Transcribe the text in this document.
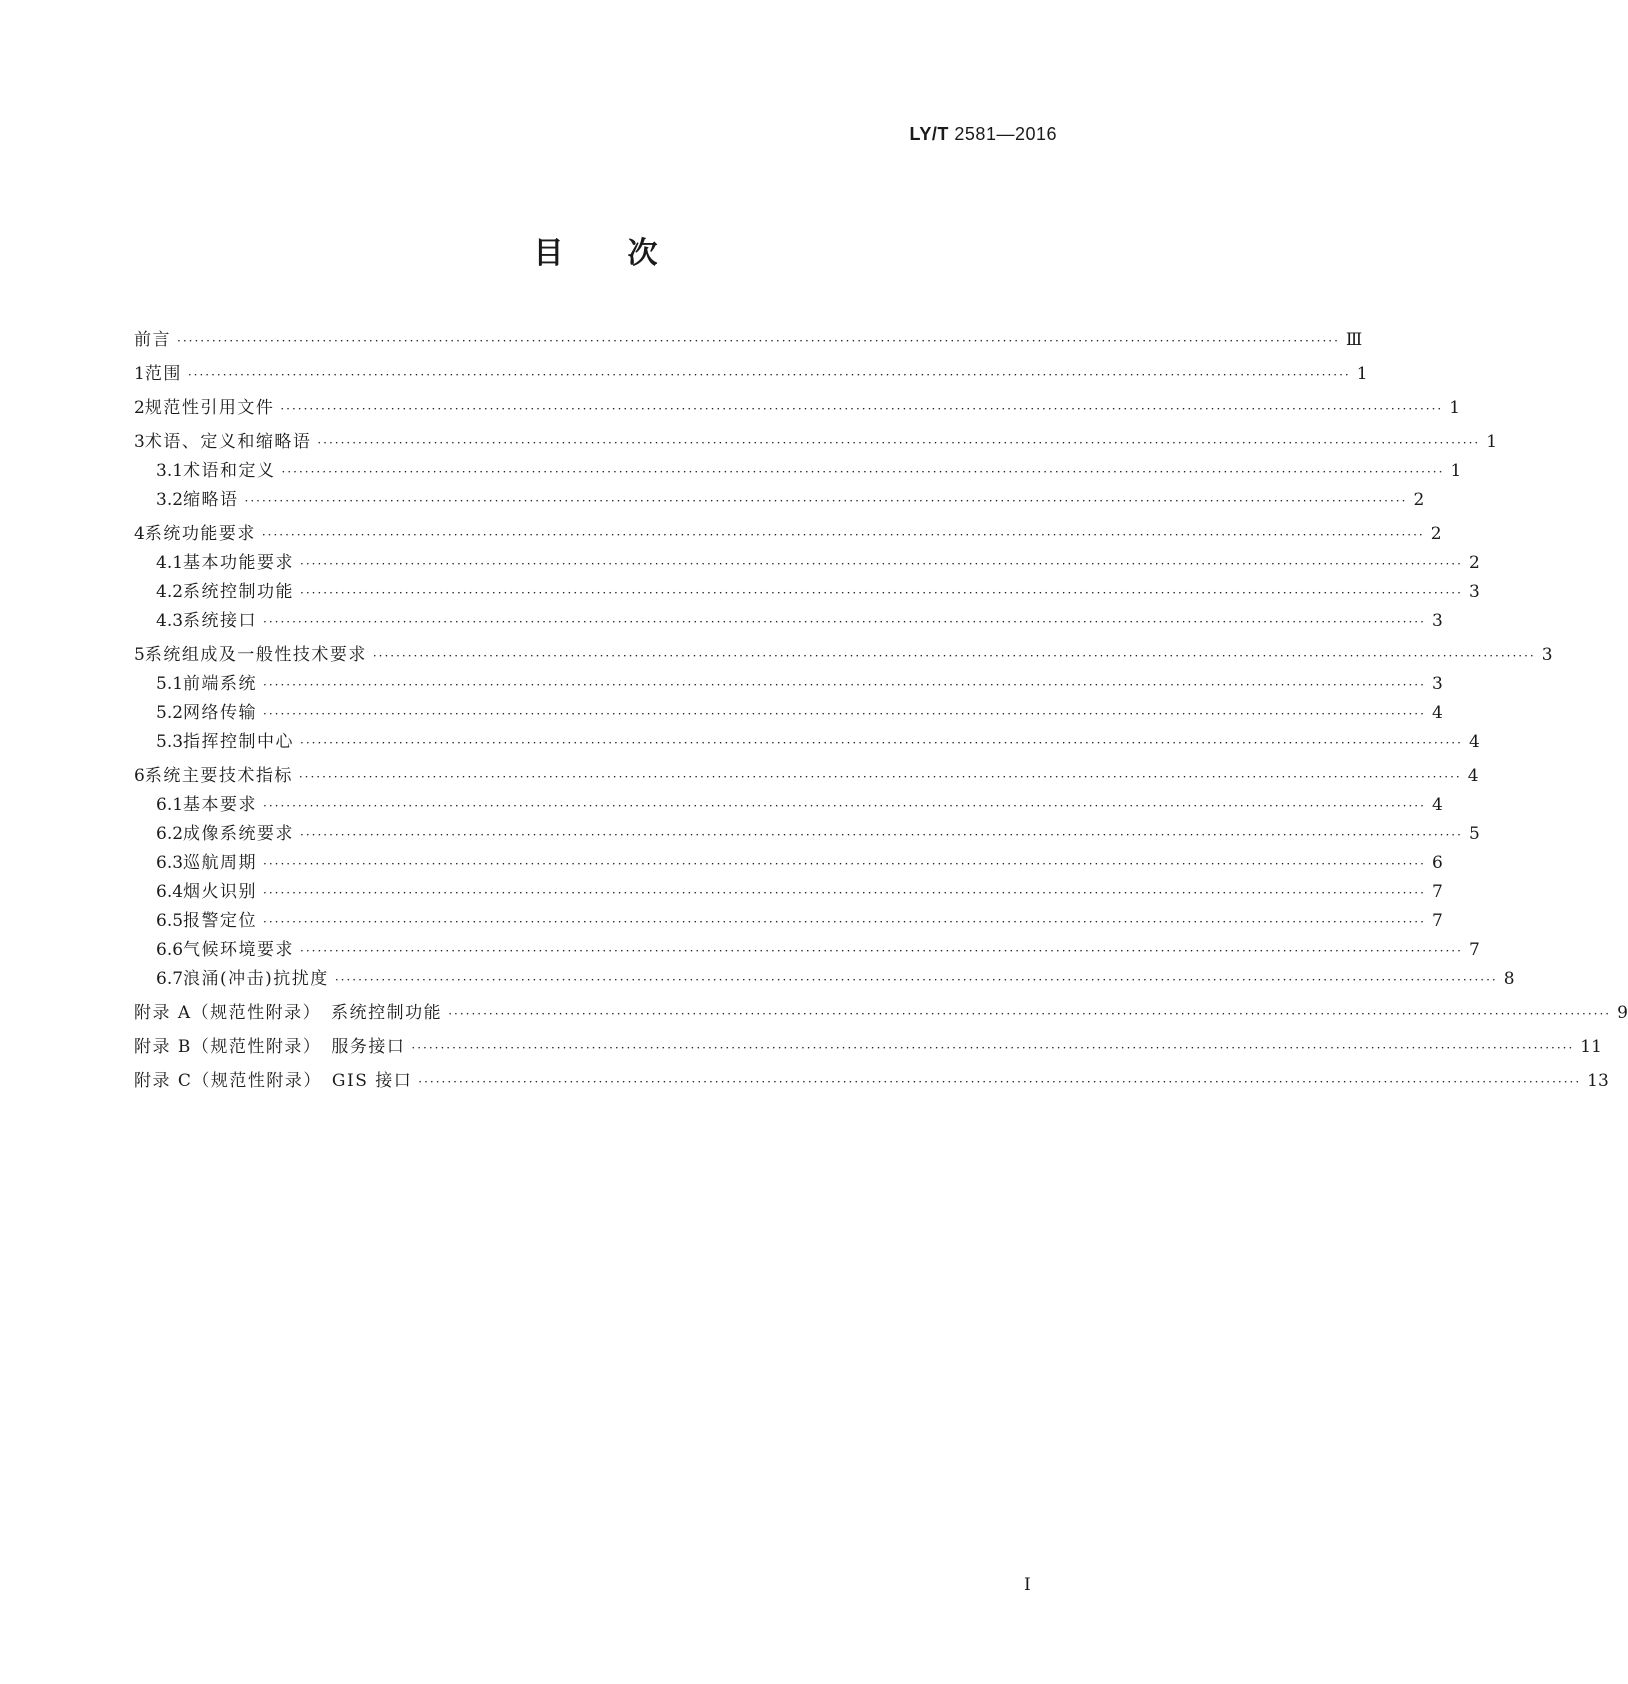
LY/T 2581—2016
目次
前言 ········································································································································································································ Ⅲ
1 范围 ········································································································································································································ 1
2 规范性引用文件 ········································································································································································································ 1
3 术语、定义和缩略语 ········································································································································································································ 1
3.1 术语和定义 ········································································································································································································ 1
3.2 缩略语 ········································································································································································································ 2
4 系统功能要求 ········································································································································································································ 2
4.1 基本功能要求 ········································································································································································································ 2
4.2 系统控制功能 ········································································································································································································ 3
4.3 系统接口 ········································································································································································································ 3
5 系统组成及一般性技术要求 ········································································································································································································ 3
5.1 前端系统 ········································································································································································································ 3
5.2 网络传输 ········································································································································································································ 4
5.3 指挥控制中心 ········································································································································································································ 4
6 系统主要技术指标 ········································································································································································································ 4
6.1 基本要求 ········································································································································································································ 4
6.2 成像系统要求 ········································································································································································································ 5
6.3 巡航周期 ········································································································································································································ 6
6.4 烟火识别 ········································································································································································································ 7
6.5 报警定位 ········································································································································································································ 7
6.6 气候环境要求 ········································································································································································································ 7
6.7 浪涌(冲击)抗扰度 ········································································································································································································ 8
附录 A（规范性附录）　系统控制功能 ········································································································································································································ 9
附录 B（规范性附录）　服务接口 ········································································································································································································ 11
附录 C（规范性附录）　GIS 接口 ········································································································································································································ 13
I
